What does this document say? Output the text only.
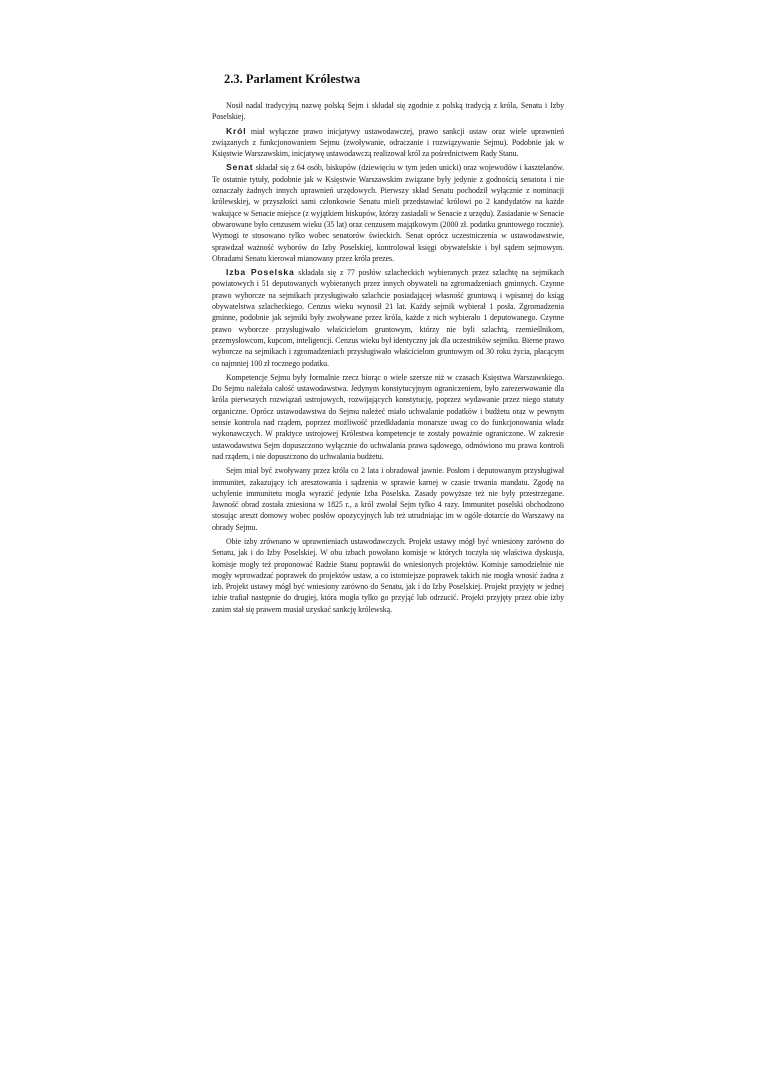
2.3. Parlament Królestwa

Nosił nadal tradycyjną nazwę polską Sejm i składał się zgodnie z polską tradycją z króla, Senatu i Izby Poselskiej.

Król miał wyłączne prawo inicjatywy ustawodawczej, prawo sankcji ustaw oraz wiele uprawnień związanych z funkcjonowaniem Sejmu (zwoływanie, odraczanie i rozwiązywanie Sejmu). Podobnie jak w Księstwie Warszawskim, inicjatywę ustawodawczą realizował król za pośrednictwem Rady Stanu.

Senat składał się z 64 osób, biskupów (dziewięciu w tym jeden unicki) oraz wojewodów i kasztelanów. Te ostatnie tytuły, podobnie jak w Księstwie Warszawskim związane były jedynie z godnością senatora i nie oznaczały żadnych innych uprawnień urzędowych. Pierwszy skład Senatu pochodził wyłącznie z nominacji królewskiej, w przyszłości sami członkowie Senatu mieli przedstawiać królowi po 2 kandydatów na każde wakujące w Senacie miejsce (z wyjątkiem biskupów, którzy zasiadali w Senacie z urzędu). Zasiadanie w Senacie obwarowane było cenzusem wieku (35 lat) oraz cenzusem majątkowym (2000 zł. podatku gruntowego rocznie). Wymogi te stosowano tylko wobec senatorów świeckich. Senat oprócz uczestniczenia w ustawodawstwie, sprawdzał ważność wyborów do Izby Poselskiej, kontrolował księgi obywatelskie i był sądem sejmowym. Obradami Senatu kierował mianowany przez króla prezes.

Izba Poselska składała się z 77 posłów szlacheckich wybieranych przez szlachtę na sejmikach powiatowych i 51 deputowanych wybieranych przez innych obywateli na zgromadzeniach gminnych. Czynne prawo wyborcze na sejmikach przysługiwało szlachcie posiadającej własność gruntową i wpisanej do ksiąg obywatelstwa szlacheckiego. Cenzus wieku wynosił 21 lat. Każdy sejmik wybierał 1 posła. Zgromadzenia gminne, podobnie jak sejmiki były zwoływane przez króla, każde z nich wybierało 1 deputowanego. Czynne prawo wyborcze przysługiwało właścicielom gruntowym, którzy nie byli szlachtą, rzemieślnikom, przemysłowcom, kupcom, inteligencji. Cenzus wieku był identyczny jak dla uczestników sejmiku. Bierne prawo wyborcze na sejmikach i zgromadzeniach przysługiwało właścicielom gruntowym od 30 roku życia, płacącym co najmniej 100 zł rocznego podatku.

Kompetencje Sejmu były formalnie rzecz biorąc o wiele szersze niż w czasach Księstwa Warszawskiego. Do Sejmu należała całość ustawodawstwa. Jedynym konstytucyjnym ograniczeniem, było zarezerwowanie dla króla pierwszych rozwiązań ustrojowych, rozwijających konstytucję, poprzez wydawanie przez niego statuty organiczne. Oprócz ustawodawstwa do Sejmu należeć miało uchwalanie podatków i budżetu oraz w pewnym sensie kontrola nad rządem, poprzez możliwość przedkładania monarsze uwag co do funkcjonowania władz wykonawczych. W praktyce ustrojowej Królestwa kompetencje te zostały poważnie ograniczone. W zakresie ustawodawstwa Sejm dopuszczono wyłącznie do uchwalania prawa sądowego, odmówiono mu prawa kontroli nad rządem, i nie dopuszczono do uchwalania budżetu.

Sejm miał być zwoływany przez króla co 2 lata i obradował jawnie. Posłom i deputowanym przysługiwał immunitet, zakazujący ich aresztowania i sądzenia w sprawie karnej w czasie trwania mandatu. Zgodę na uchylenie immunitetu mogła wyrazić jedynie Izba Poselska. Zasady powyższe też nie były przestrzegane. Jawność obrad została zniesiona w 1825 r., a król zwołał Sejm tylko 4 razy. Immunitet poselski obchodzono stosując areszt domowy wobec posłów opozycyjnych lub też utrudniając im w ogóle dotarcie do Warszawy na obrady Sejmu.

Obie izby zrównano w uprawnieniach ustawodawczych. Projekt ustawy mógł być wniesiony zarówno do Senatu, jak i do Izby Poselskiej. W obu izbach powołano komisje w których toczyła się właściwa dyskusja, komisje mogły też proponować Radzie Stanu poprawki do wniesionych projektów. Komisje samodzielnie nie mogły wprowadzać poprawek do projektów ustaw, a co istotniejsze poprawek takich nie mogła wnosić żadna z izb. Projekt ustawy mógł być wniesiony zarówno do Senatu, jak i do Izby Poselskiej. Projekt przyjęty w jednej izbie trafiał następnie do drugiej, która mogła tylko go przyjąć lub odrzucić. Projekt przyjęty przez obie izby zanim stał się prawem musiał uzyskać sankcję królewską.
